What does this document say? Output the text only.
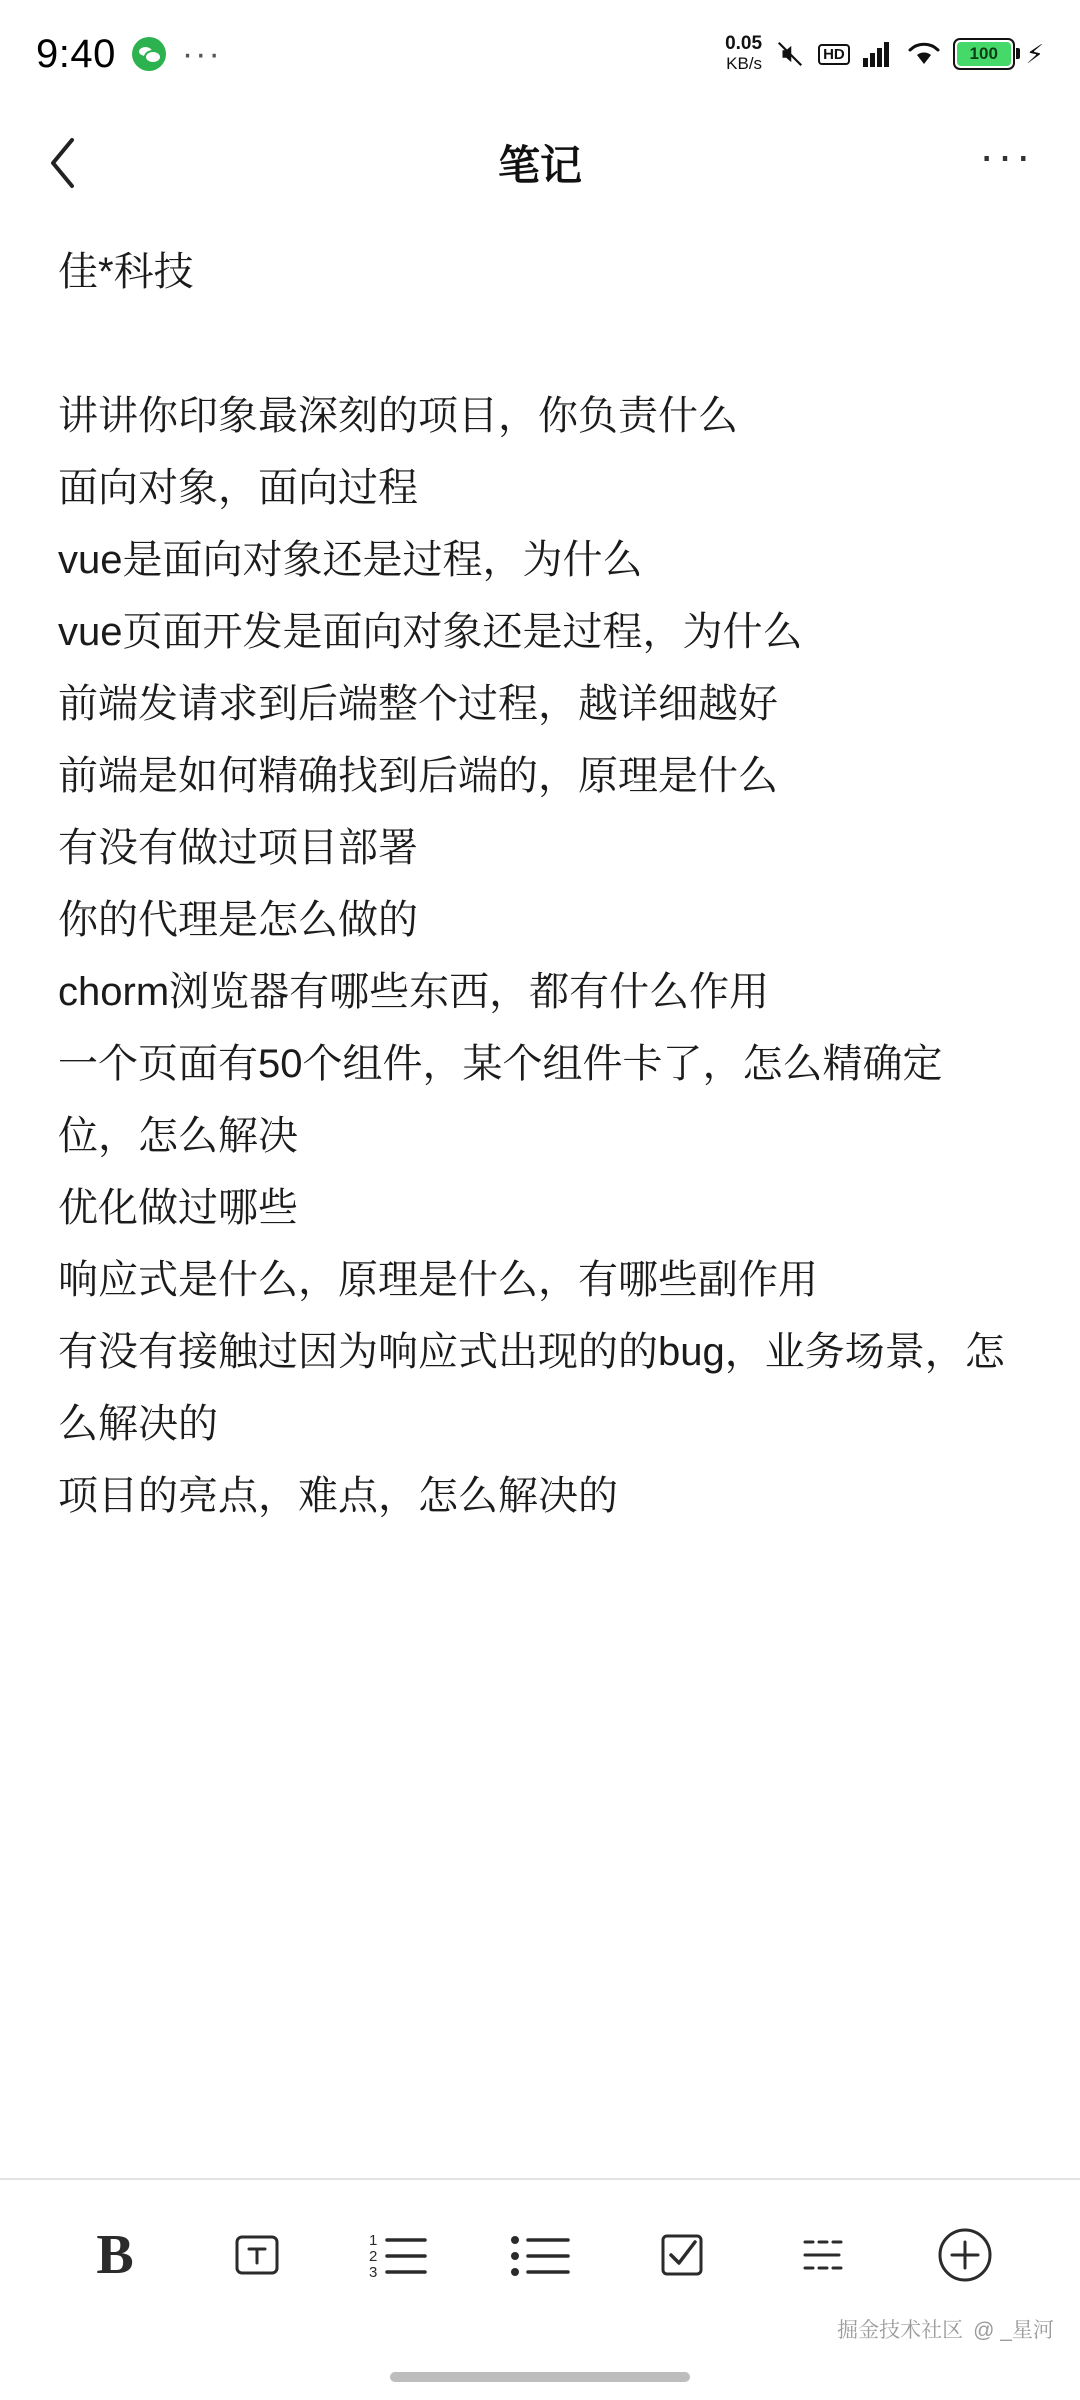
9:40 ···	0.05
KB/s	HD	100 ⚡
笔记	···
佳*科技
讲讲你印象最深刻的项目，你负责什么
面向对象，面向过程
vue是面向对象还是过程，为什么
vue页面开发是面向对象还是过程，为什么
前端发请求到后端整个过程，越详细越好
前端是如何精确找到后端的，原理是什么
有没有做过项目部署
你的代理是怎么做的
chorm浏览器有哪些东西，都有什么作用
一个页面有50个组件，某个组件卡了，怎么精确定位，怎么解决
优化做过哪些
响应式是什么，原理是什么，有哪些副作用
有没有接触过因为响应式出现的的bug，业务场景，怎么解决的
项目的亮点，难点，怎么解决的
B	1
2
3
掘金技术社区 @ _星河
